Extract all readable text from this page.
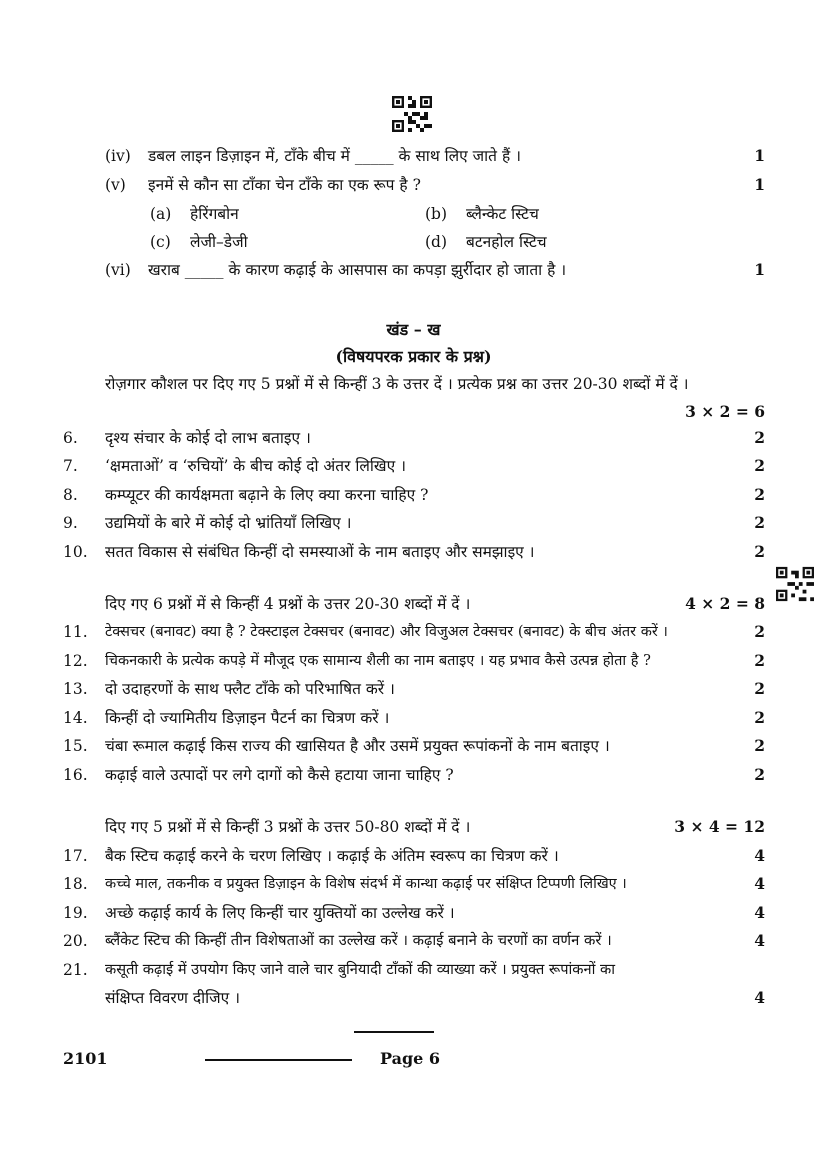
(iv) डबल लाइन डिज़ाइन में, टाँके बीच में _____ के साथ लिए जाते हैं ।	1
(v) इनमें से कौन सा टाँका चेन टाँके का एक रूप है ?	1
(a) हेरिंगबोन	(b) ब्लैन्केट स्टिच
(c) लेजी–डेजी	(d) बटनहोल स्टिच
(vi) खराब _____ के कारण कढ़ाई के आसपास का कपड़ा झुर्रीदार हो जाता है ।	1
खंड – ख
(विषयपरक प्रकार के प्रश्न)
रोज़गार कौशल पर दिए गए 5 प्रश्नों में से किन्हीं 3 के उत्तर दें । प्रत्येक प्रश्न का उत्तर 20-30 शब्दों में दें ।
3 × 2 = 6
6. दृश्य संचार के कोई दो लाभ बताइए ।	2
7. ‘क्षमताओं’ व ‘रुचियों’ के बीच कोई दो अंतर लिखिए ।	2
8. कम्प्यूटर की कार्यक्षमता बढ़ाने के लिए क्या करना चाहिए ?	2
9. उद्यमियों के बारे में कोई दो भ्रांतियाँ लिखिए ।	2
10. सतत विकास से संबंधित किन्हीं दो समस्याओं के नाम बताइए और समझाइए ।	2
दिए गए 6 प्रश्नों में से किन्हीं 4 प्रश्नों के उत्तर 20-30 शब्दों में दें ।	4 × 2 = 8
11. टेक्सचर (बनावट) क्या है ? टेक्स्टाइल टेक्सचर (बनावट) और विजुअल टेक्सचर (बनावट) के बीच अंतर करें ।	2
12. चिकनकारी के प्रत्येक कपड़े में मौजूद एक सामान्य शैली का नाम बताइए । यह प्रभाव कैसे उत्पन्न होता है ?	2
13. दो उदाहरणों के साथ फ्लैट टाँके को परिभाषित करें ।	2
14. किन्हीं दो ज्यामितीय डिज़ाइन पैटर्न का चित्रण करें ।	2
15. चंबा रूमाल कढ़ाई किस राज्य की खासियत है और उसमें प्रयुक्त रूपांकनों के नाम बताइए ।	2
16. कढ़ाई वाले उत्पादों पर लगे दागों को कैसे हटाया जाना चाहिए ?	2
दिए गए 5 प्रश्नों में से किन्हीं 3 प्रश्नों के उत्तर 50-80 शब्दों में दें ।	3 × 4 = 12
17. बैक स्टिच कढ़ाई करने के चरण लिखिए । कढ़ाई के अंतिम स्वरूप का चित्रण करें ।	4
18. कच्चे माल, तकनीक व प्रयुक्त डिज़ाइन के विशेष संदर्भ में कान्था कढ़ाई पर संक्षिप्त टिप्पणी लिखिए ।	4
19. अच्छे कढ़ाई कार्य के लिए किन्हीं चार युक्तियों का उल्लेख करें ।	4
20. ब्लैंकेट स्टिच की किन्हीं तीन विशेषताओं का उल्लेख करें । कढ़ाई बनाने के चरणों का वर्णन करें ।	4
21. कसूती कढ़ाई में उपयोग किए जाने वाले चार बुनियादी टाँकों की व्याख्या करें । प्रयुक्त रूपांकनों का
संक्षिप्त विवरण दीजिए ।	4
2101	Page 6
